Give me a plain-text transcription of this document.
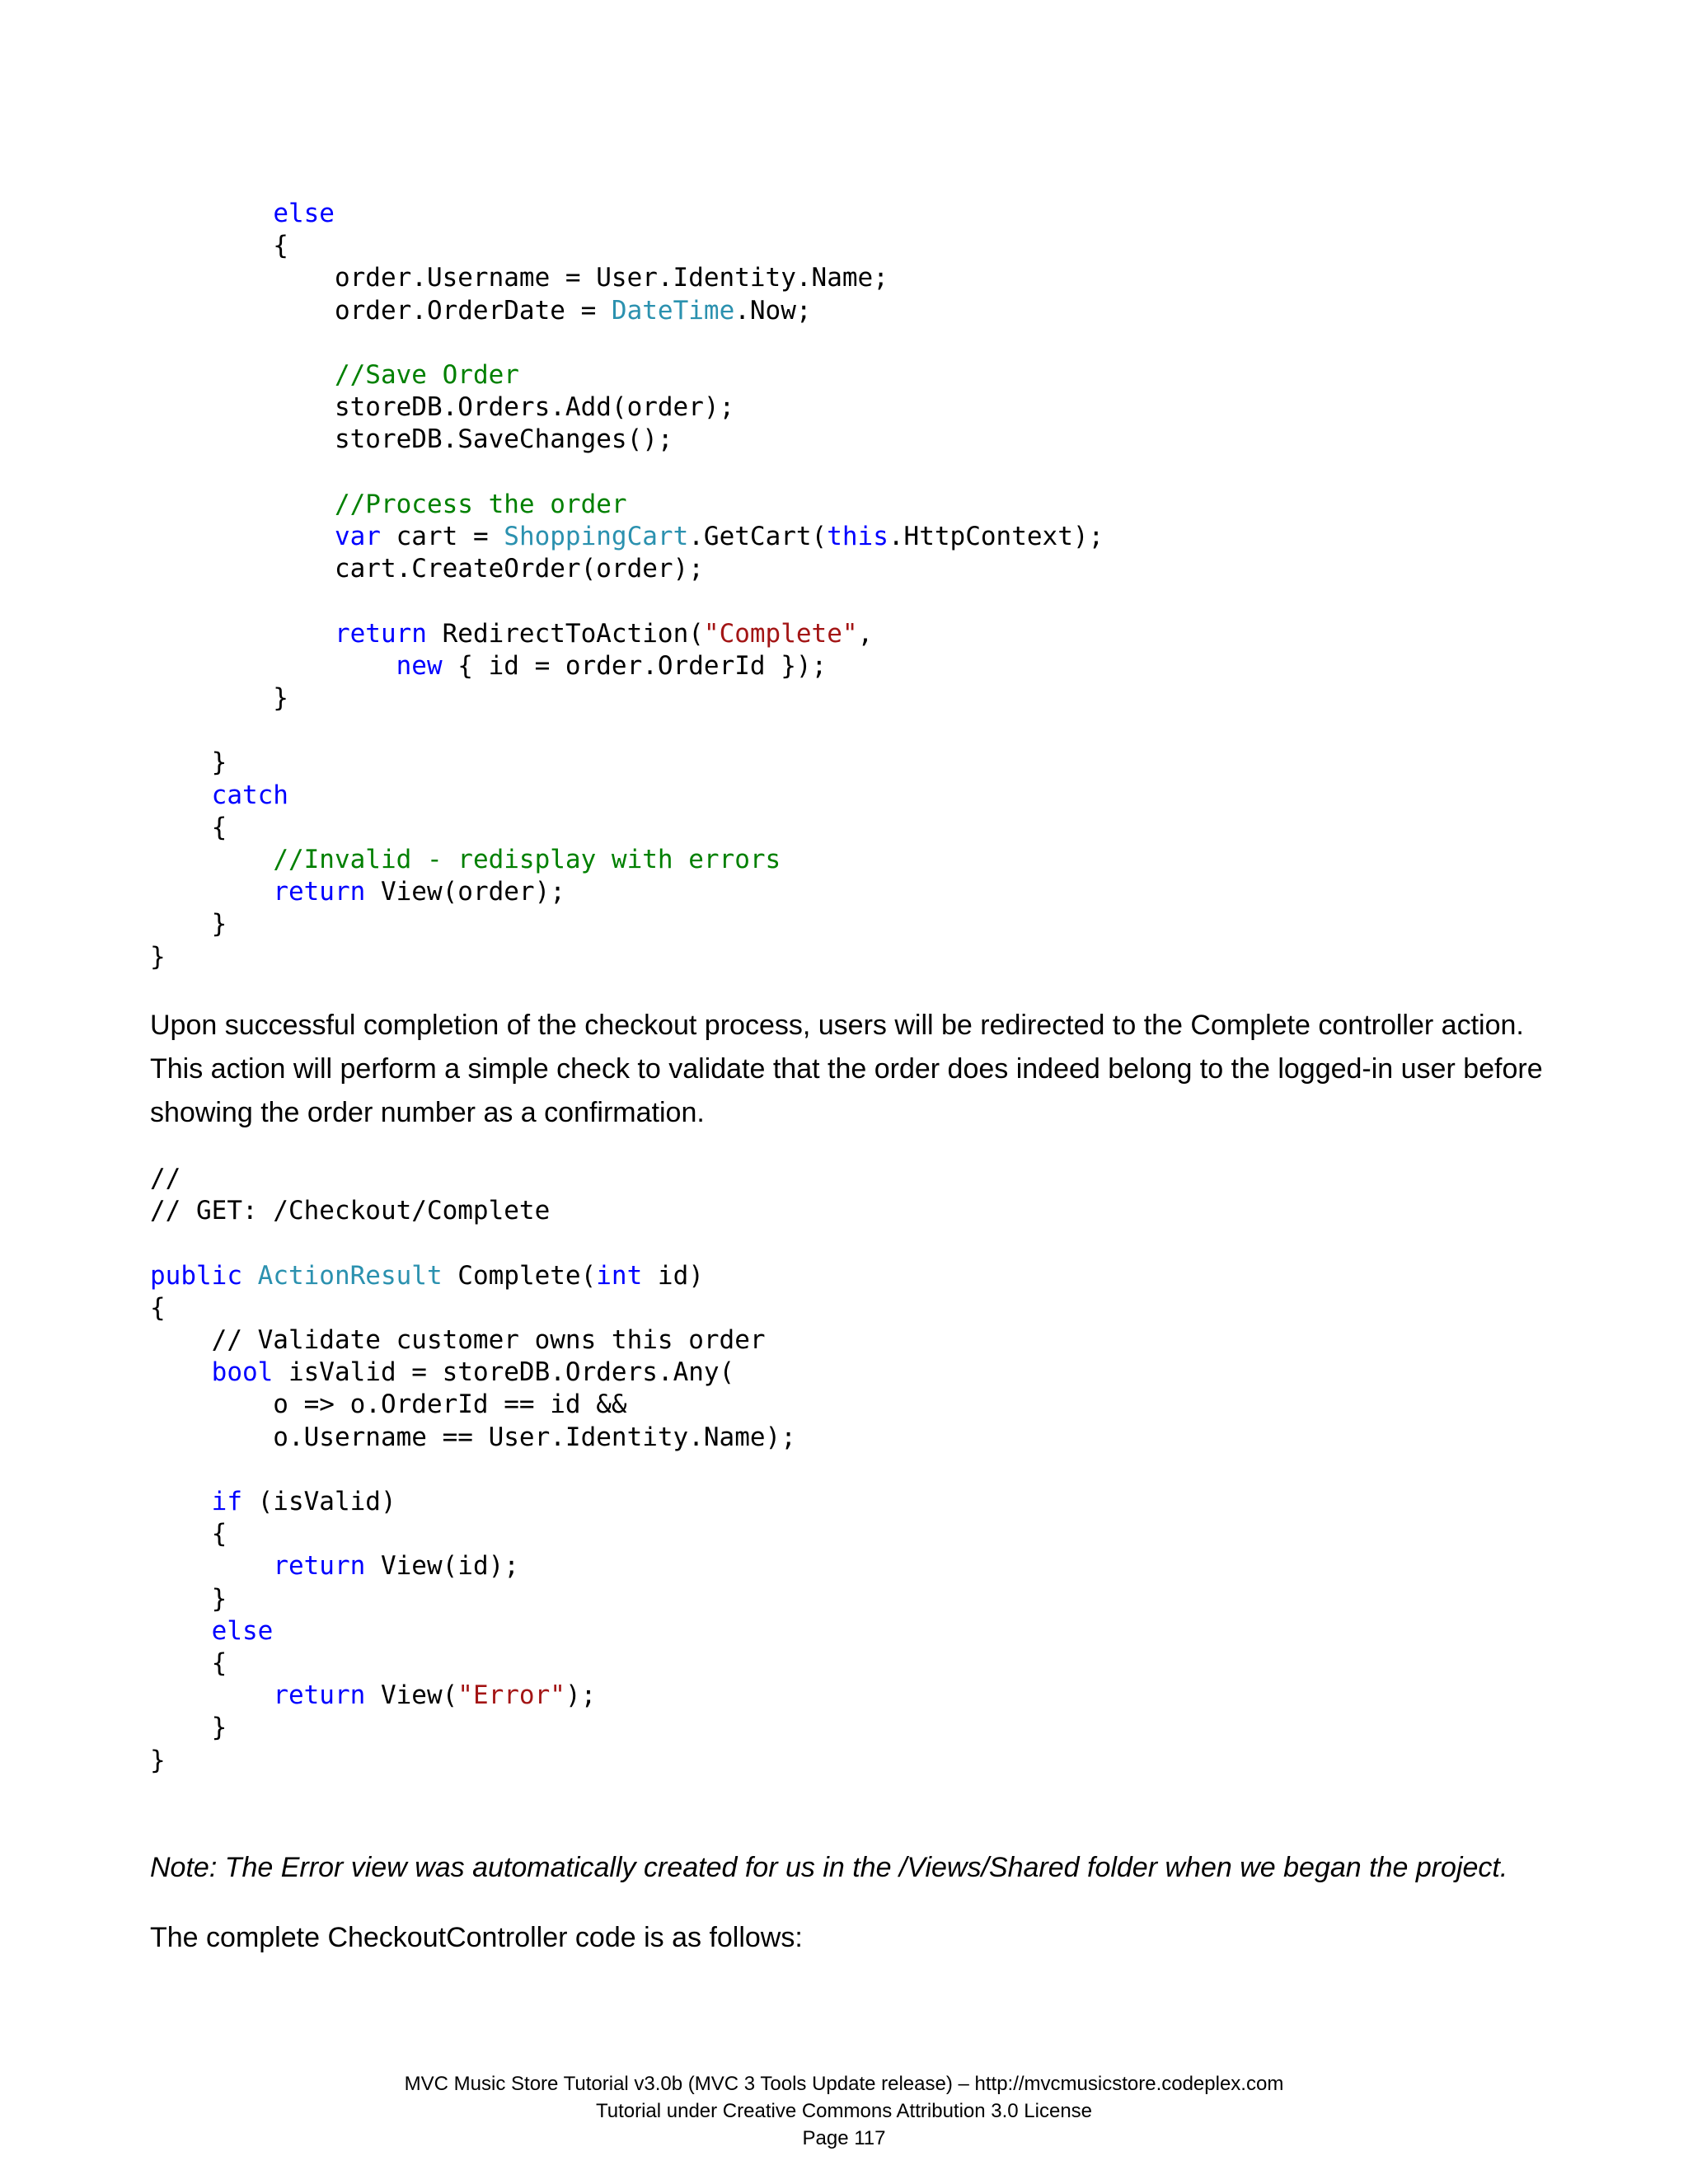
else
{
order.Username = User.Identity.Name;
order.OrderDate = DateTime.Now;

//Save Order
storeDB.Orders.Add(order);
storeDB.SaveChanges();

//Process the order
var cart = ShoppingCart.GetCart(this.HttpContext);
cart.CreateOrder(order);

return RedirectToAction("Complete",
new { id = order.OrderId });
}

}
catch
{
//Invalid - redisplay with errors
return View(order);
}
}

Upon successful completion of the checkout process, users will be redirected to the Complete controller action. This action will perform a simple check to validate that the order does indeed belong to the logged-in user before showing the order number as a confirmation.

//
// GET: /Checkout/Complete

public ActionResult Complete(int id)
{
// Validate customer owns this order
bool isValid = storeDB.Orders.Any(
o => o.OrderId == id &&
o.Username == User.Identity.Name);

if (isValid)
{
return View(id);
}
else
{
return View("Error");
}
}

Note: The Error view was automatically created for us in the /Views/Shared folder when we began the project.

The complete CheckoutController code is as follows:

MVC Music Store Tutorial v3.0b (MVC 3 Tools Update release) – http://mvcmusicstore.codeplex.com
Tutorial under Creative Commons Attribution 3.0 License
Page 117
